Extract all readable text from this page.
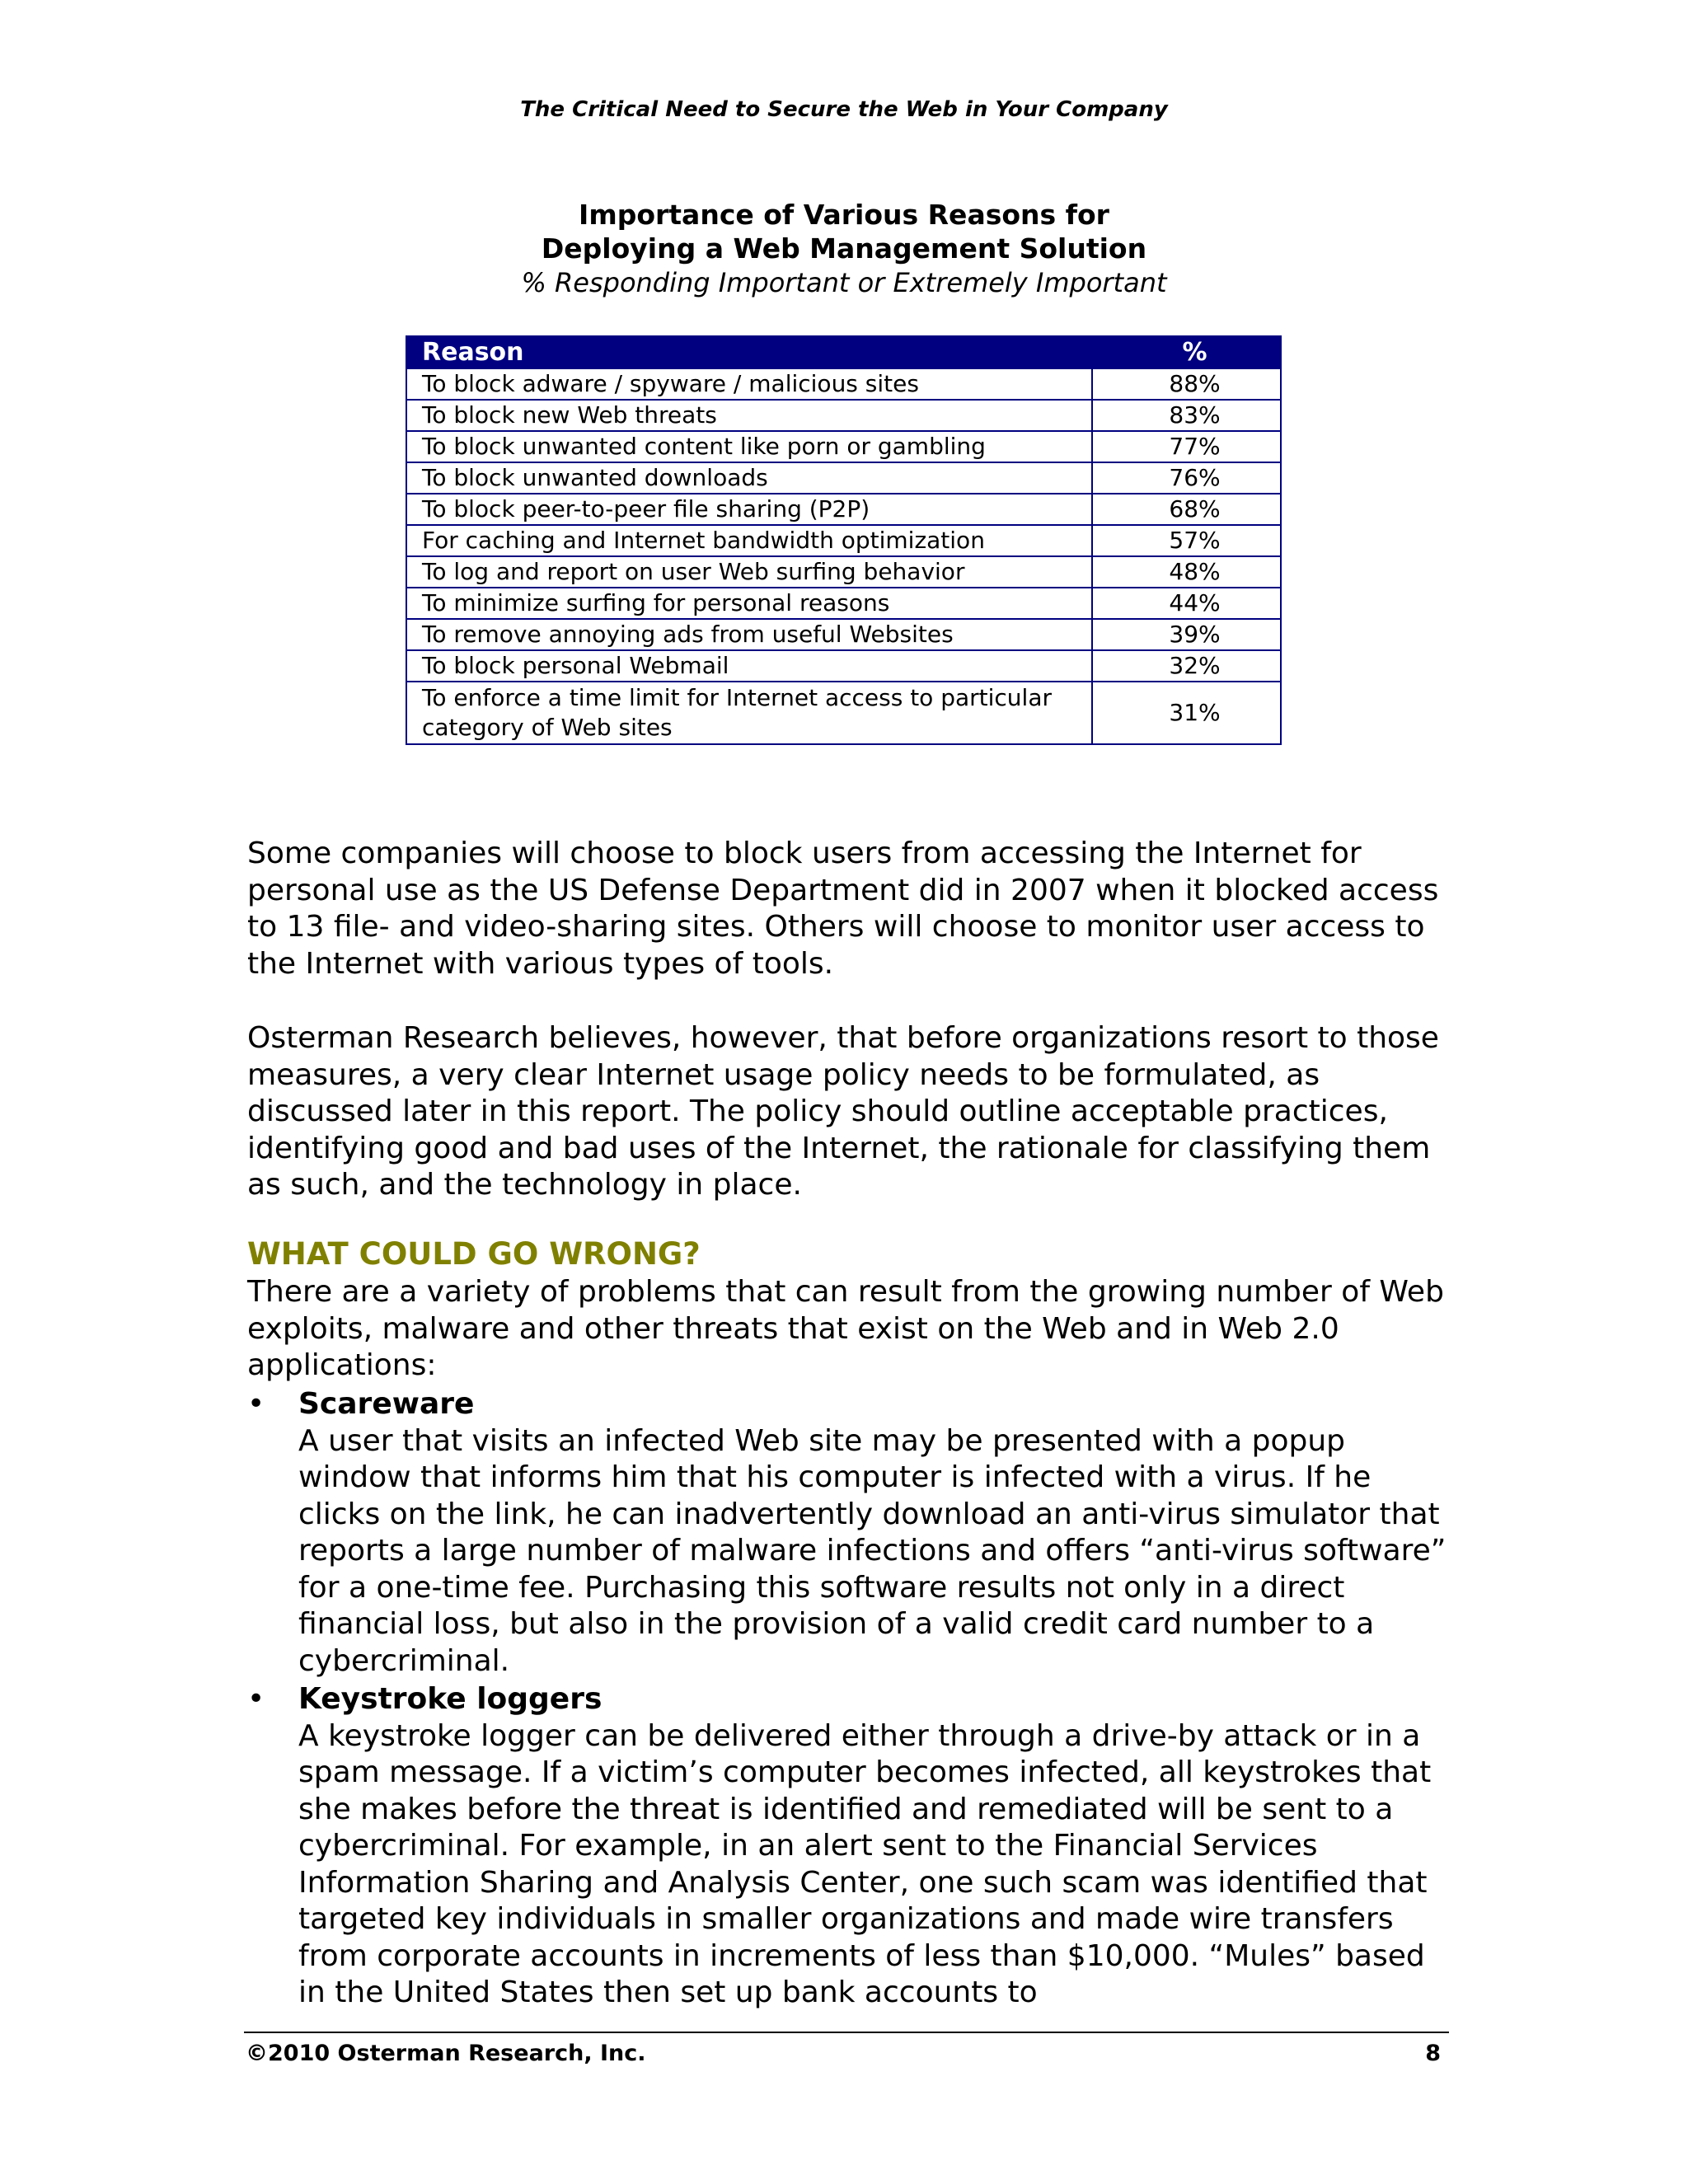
The Critical Need to Secure the Web in Your Company
Importance of Various Reasons for
Deploying a Web Management Solution
% Responding Important or Extremely Important
Reason	%
To block adware / spyware / malicious sites	88%
To block new Web threats	83%
To block unwanted content like porn or gambling	77%
To block unwanted downloads	76%
To block peer-to-peer file sharing (P2P)	68%
For caching and Internet bandwidth optimization	57%
To log and report on user Web surfing behavior	48%
To minimize surfing for personal reasons	44%
To remove annoying ads from useful Websites	39%
To block personal Webmail	32%
To enforce a time limit for Internet access to particular category of Web sites	31%
Some companies will choose to block users from accessing the Internet for personal use as the US Defense Department did in 2007 when it blocked access to 13 file- and video-sharing sites. Others will choose to monitor user access to the Internet with various types of tools.
Osterman Research believes, however, that before organizations resort to those measures, a very clear Internet usage policy needs to be formulated, as discussed later in this report. The policy should outline acceptable practices, identifying good and bad uses of the Internet, the rationale for classifying them as such, and the technology in place.
WHAT COULD GO WRONG?
There are a variety of problems that can result from the growing number of Web exploits, malware and other threats that exist on the Web and in Web 2.0 applications:
• Scareware
A user that visits an infected Web site may be presented with a popup window that informs him that his computer is infected with a virus. If he clicks on the link, he can inadvertently download an anti-virus simulator that reports a large number of malware infections and offers “anti-virus software” for a one-time fee. Purchasing this software results not only in a direct financial loss, but also in the provision of a valid credit card number to a cybercriminal.
• Keystroke loggers
A keystroke logger can be delivered either through a drive-by attack or in a spam message. If a victim’s computer becomes infected, all keystrokes that she makes before the threat is identified and remediated will be sent to a cybercriminal. For example, in an alert sent to the Financial Services Information Sharing and Analysis Center, one such scam was identified that targeted key individuals in smaller organizations and made wire transfers from corporate accounts in increments of less than $10,000. “Mules” based in the United States then set up bank accounts to
©2010 Osterman Research, Inc.	8
